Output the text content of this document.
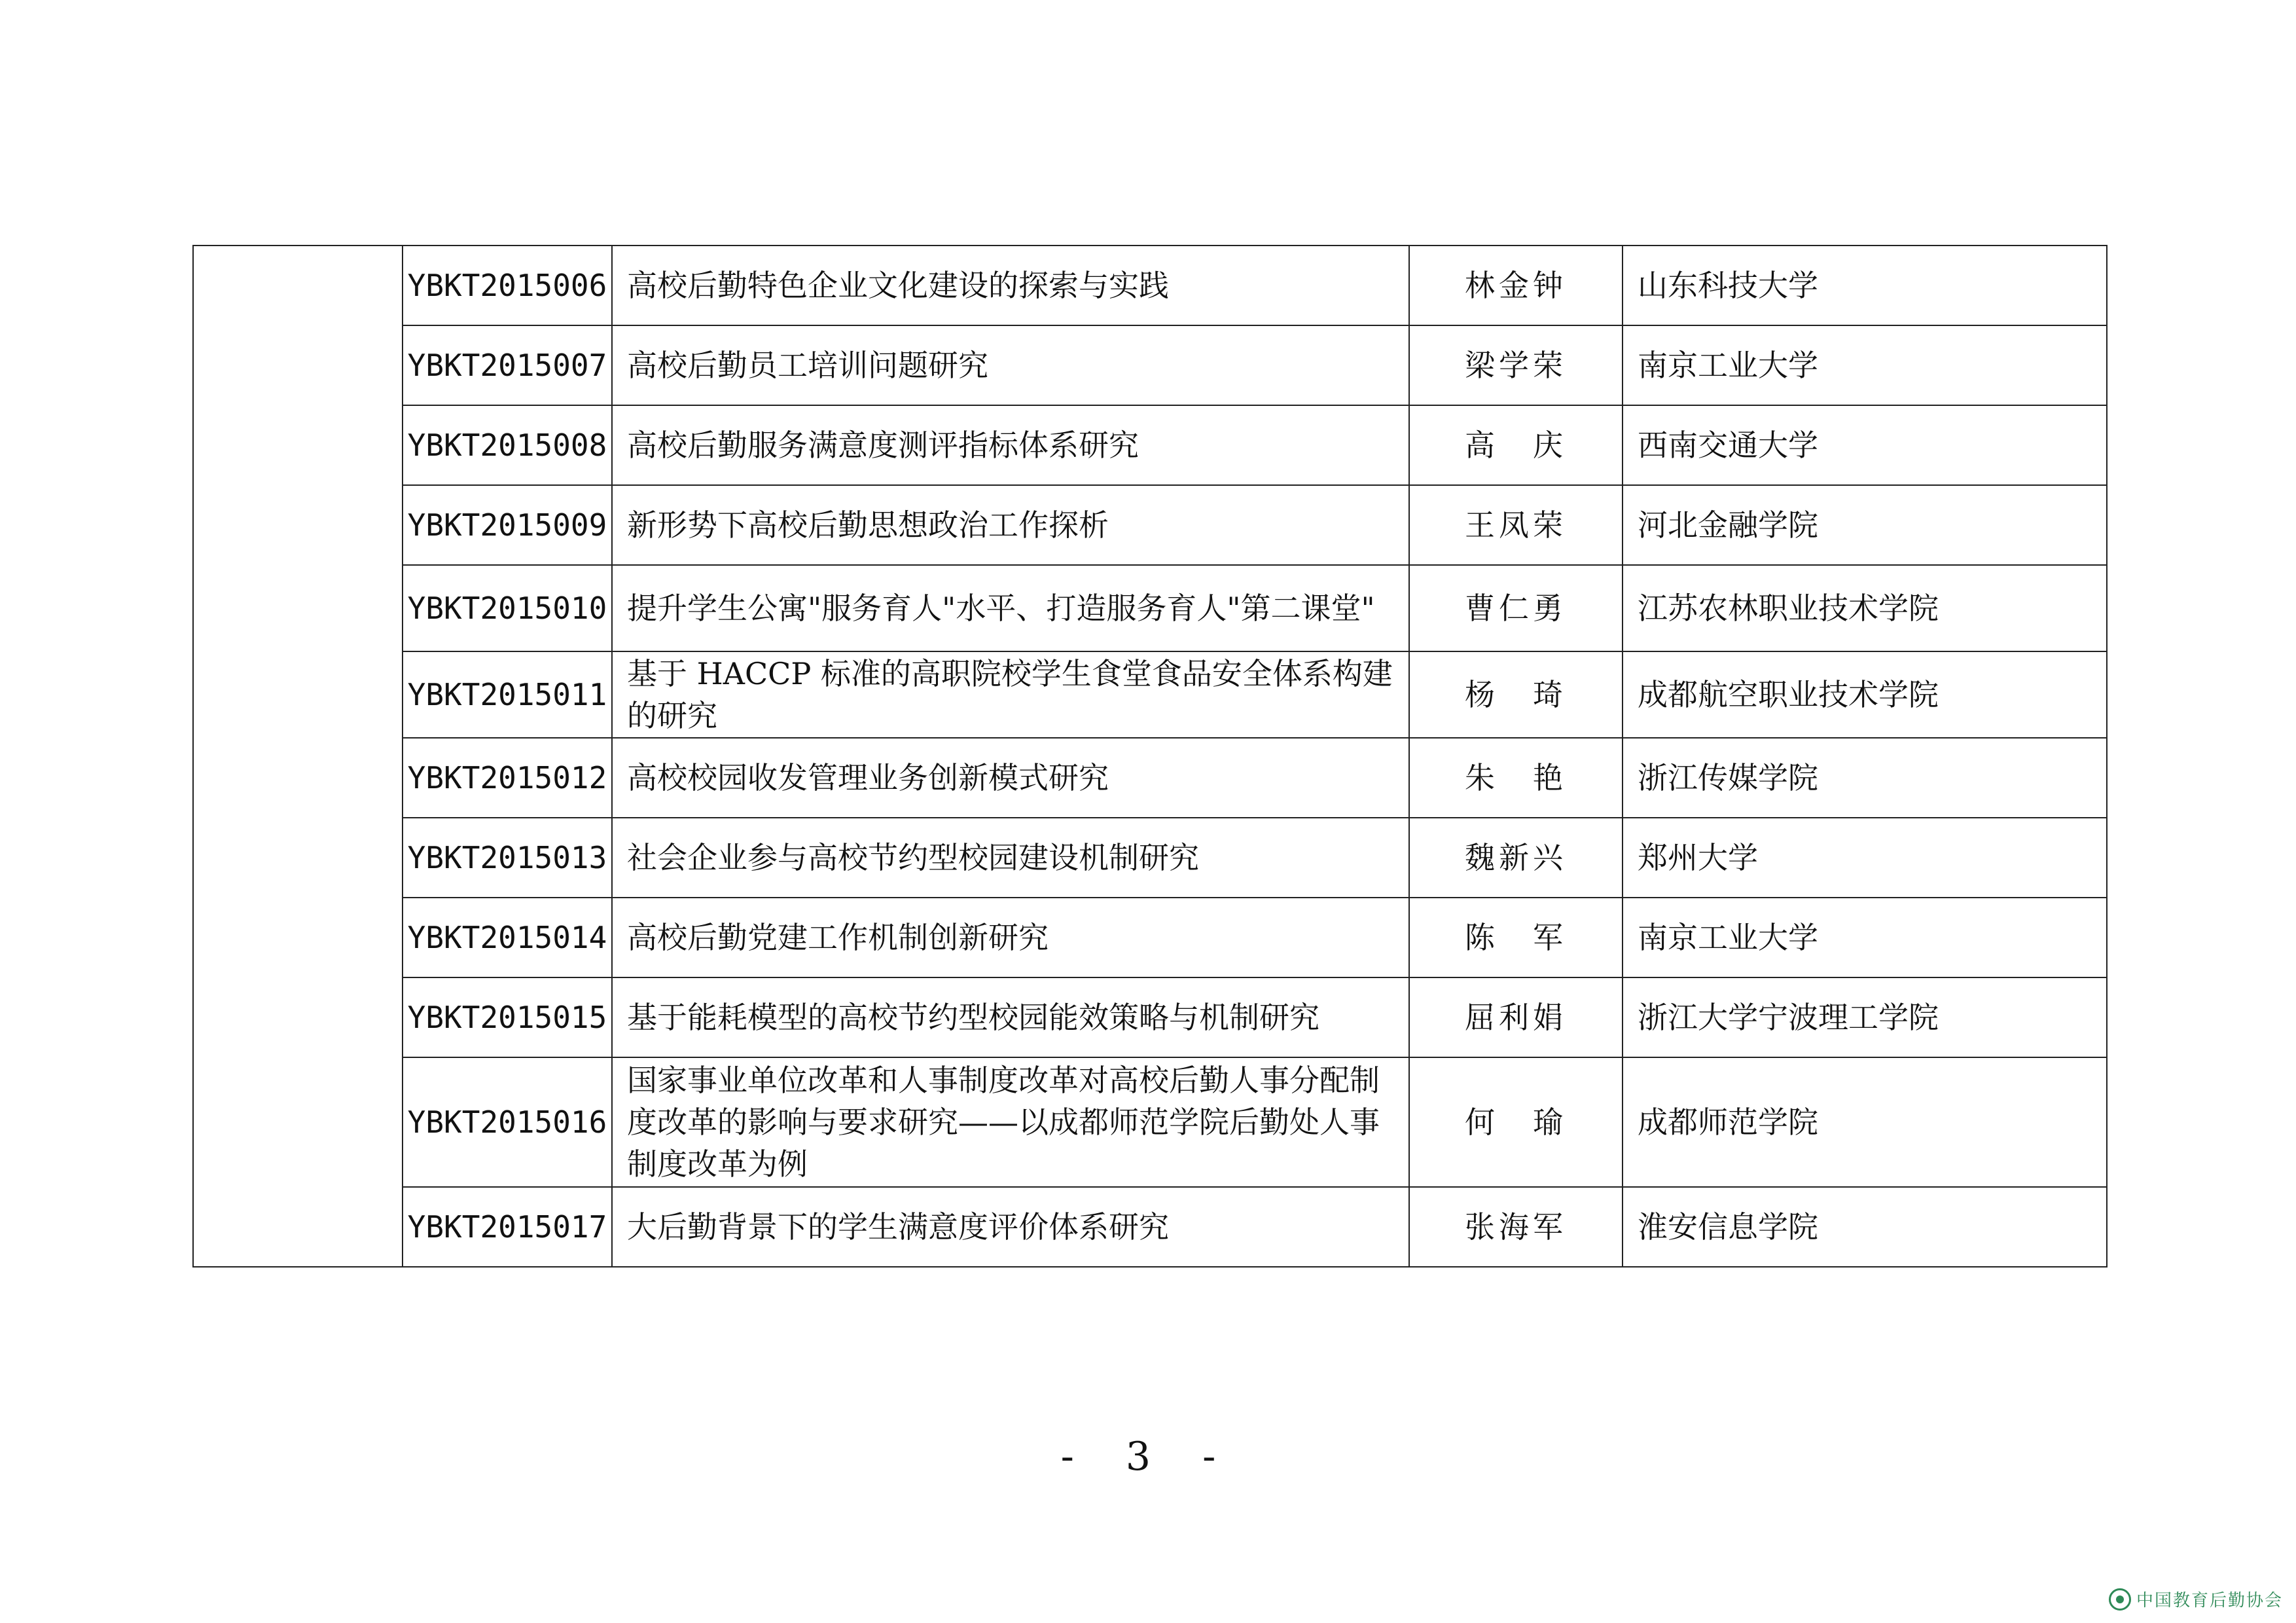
	YBKT2015006	高校后勤特色企业文化建设的探索与实践	林金钟	山东科技大学
	YBKT2015007	高校后勤员工培训问题研究	梁学荣	南京工业大学
	YBKT2015008	高校后勤服务满意度测评指标体系研究	高　庆	西南交通大学
	YBKT2015009	新形势下高校后勤思想政治工作探析	王凤荣	河北金融学院
	YBKT2015010	提升学生公寓"服务育人"水平、打造服务育人"第二课堂"	曹仁勇	江苏农林职业技术学院
	YBKT2015011	基于 HACCP 标准的高职院校学生食堂食品安全体系构建的研究	杨　琦	成都航空职业技术学院
	YBKT2015012	高校校园收发管理业务创新模式研究	朱　艳	浙江传媒学院
	YBKT2015013	社会企业参与高校节约型校园建设机制研究	魏新兴	郑州大学
	YBKT2015014	高校后勤党建工作机制创新研究	陈　军	南京工业大学
	YBKT2015015	基于能耗模型的高校节约型校园能效策略与机制研究	屈利娟	浙江大学宁波理工学院
	YBKT2015016	国家事业单位改革和人事制度改革对高校后勤人事分配制度改革的影响与要求研究——以成都师范学院后勤处人事制度改革为例	何　瑜	成都师范学院
	YBKT2015017	大后勤背景下的学生满意度评价体系研究	张海军	淮安信息学院
- 3 -
中国教育后勤协会
